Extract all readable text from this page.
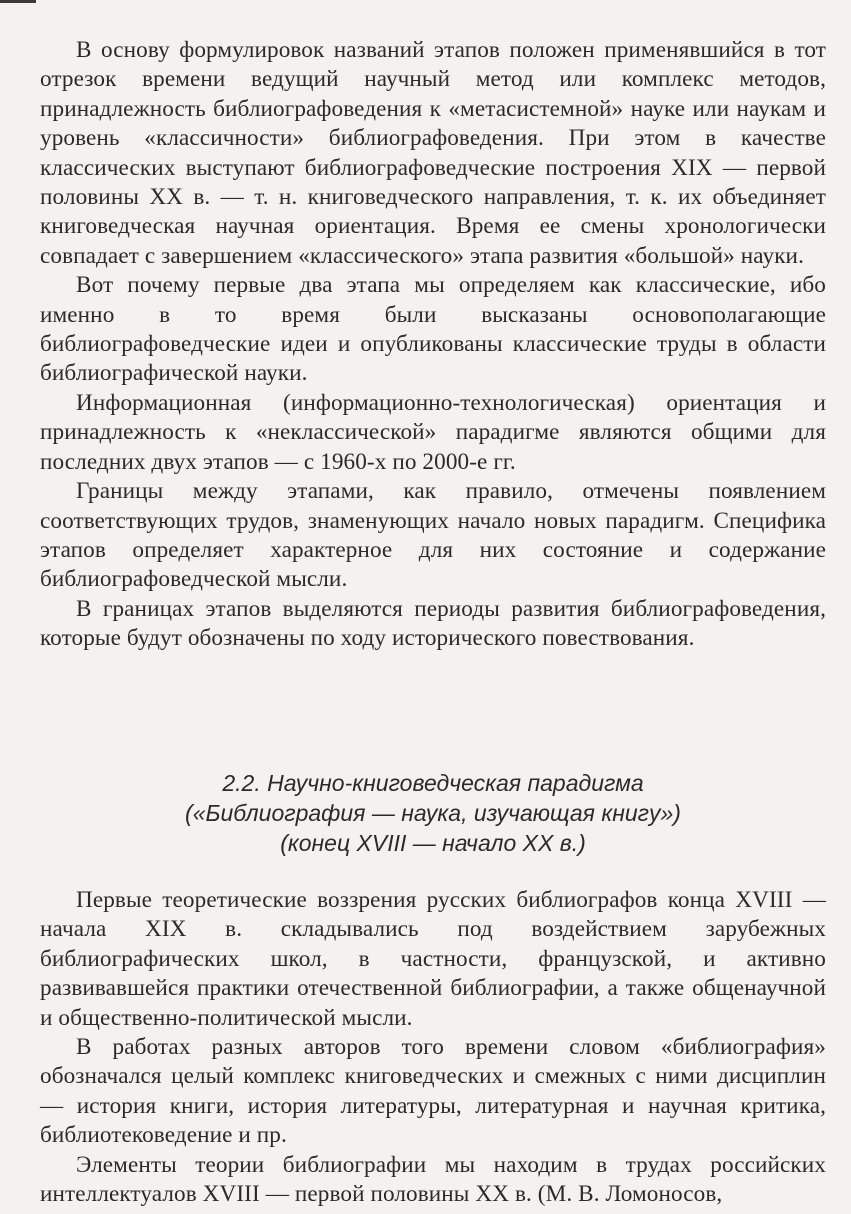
В основу формулировок названий этапов положен применявшийся в тот отрезок времени ведущий научный метод или комплекс методов, принадлежность библиографоведения к «метасистемной» науке или наукам и уровень «классичности» библиографоведения. При этом в качестве классических выступают библиографоведческие построения XIX — первой половины XX в. — т. н. книговедческого направления, т. к. их объединяет книговедческая научная ориентация. Время ее смены хронологически совпадает с завершением «классического» этапа развития «большой» науки.

Вот почему первые два этапа мы определяем как классические, ибо именно в то время были высказаны основополагающие библиографоведческие идеи и опубликованы классические труды в области библиографической науки.

Информационная (информационно-технологическая) ориентация и принадлежность к «неклассической» парадигме являются общими для последних двух этапов — с 1960-х по 2000-е гг.

Границы между этапами, как правило, отмечены появлением соответствующих трудов, знаменующих начало новых парадигм. Специфика этапов определяет характерное для них состояние и содержание библиографоведческой мысли.

В границах этапов выделяются периоды развития библиографоведения, которые будут обозначены по ходу исторического повествования.

2.2. Научно-книговедческая парадигма
(«Библиография — наука, изучающая книгу»)
(конец XVIII — начало XX в.)

Первые теоретические воззрения русских библиографов конца XVIII — начала XIX в. складывались под воздействием зарубежных библиографических школ, в частности, французской, и активно развивавшейся практики отечественной библиографии, а также общенаучной и общественно-политической мысли.

В работах разных авторов того времени словом «библиография» обозначался целый комплекс книговедческих и смежных с ними дисциплин — история книги, история литературы, литературная и научная критика, библиотековедение и пр.

Элементы теории библиографии мы находим в трудах российских интеллектуалов XVIII — первой половины XX в. (М. В. Ломоносов,
